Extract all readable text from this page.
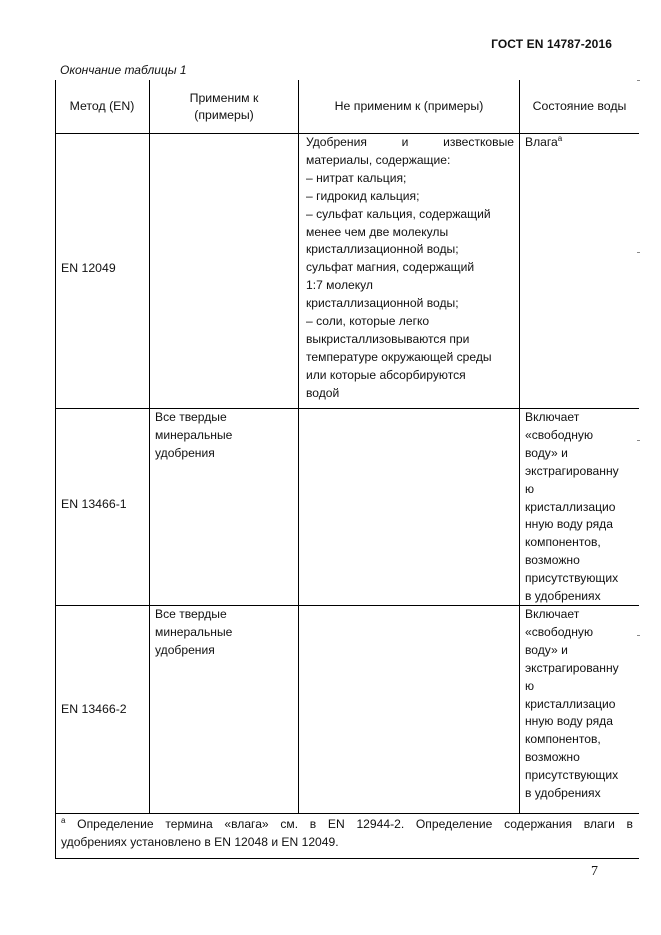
ГОСТ EN 14787-2016
Окончание таблицы 1
Метод (EN)
Применим к
(примеры)
Не применим к (примеры)	Состояние воды
EN 12049
Удобрения и известковые
материалы, содержащие:
– нитрат кальция;
– гидрокид кальция;
– сульфат кальция, содержащий
менее чем две молекулы
кристаллизационной воды;
сульфат магния, содержащий
1:7 молекул
кристаллизационной воды;
– соли, которые легко
выкристаллизовываются при
температуре окружающей среды
или которые абсорбируются
водой
Влага$^а$
EN 13466-1
Все твердые
минеральные
удобрения
Включает
«свободную
воду» и
экстрагированну
ю
кристаллизацио
нную воду ряда
компонентов,
возможно
присутствующих
в удобрениях
EN 13466-2
Все твердые
минеральные
удобрения
Включает
«свободную
воду» и
экстрагированну
ю
кристаллизацио
нную воду ряда
компонентов,
возможно
присутствующих
в удобрениях
$^а$ Определение термина «влага» см. в EN 12944-2. Определение содержания влаги в
удобрениях установлено в EN 12048 и EN 12049.
7
